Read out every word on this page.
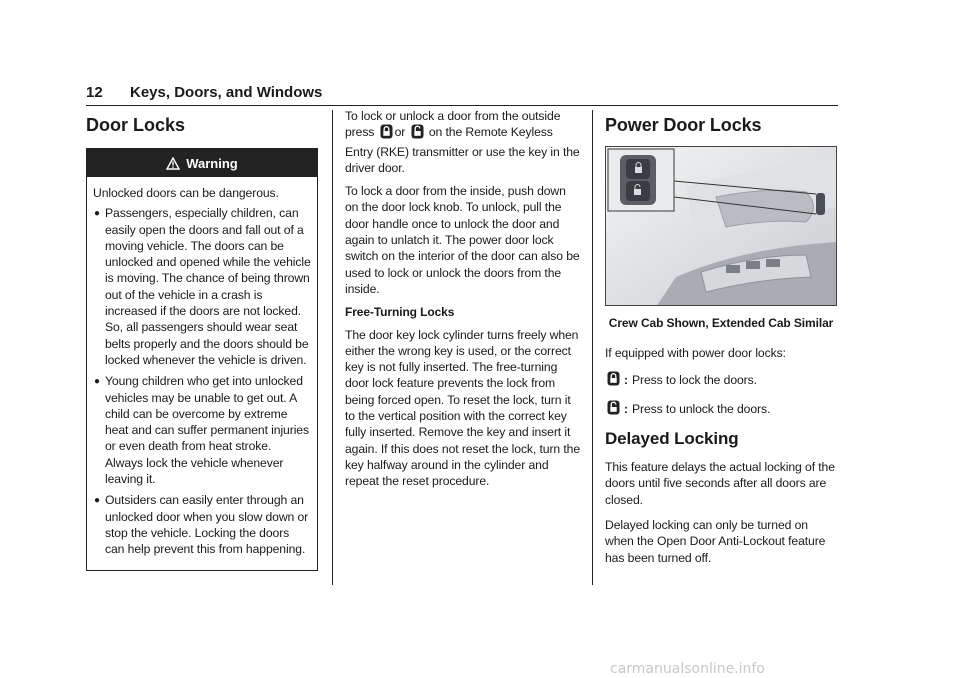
12 Keys, Doors, and Windows
Door Locks
Warning

Unlocked doors can be dangerous.

● Passengers, especially children, can easily open the doors and fall out of a moving vehicle. The doors can be unlocked and opened while the vehicle is moving. The chance of being thrown out of the vehicle in a crash is increased if the doors are not locked. So, all passengers should wear seat belts properly and the doors should be locked whenever the vehicle is driven.
● Young children who get into unlocked vehicles may be unable to get out. A child can be overcome by extreme heat and can suffer permanent injuries or even death from heat stroke. Always lock the vehicle whenever leaving it.
● Outsiders can easily enter through an unlocked door when you slow down or stop the vehicle. Locking the doors can help prevent this from happening.

To lock or unlock a door from the outside press or on the Remote Keyless Entry (RKE) transmitter or use the key in the driver door.

To lock a door from the inside, push down on the door lock knob. To unlock, pull the door handle once to unlock the door and again to unlatch it. The power door lock switch on the interior of the door can also be used to lock or unlock the doors from the inside.

Free-Turning Locks

The door key lock cylinder turns freely when either the wrong key is used, or the correct key is not fully inserted. The free-turning door lock feature prevents the lock from being forced open. To reset the lock, turn it to the vertical position with the correct key fully inserted. Remove the key and insert it again. If this does not reset the lock, turn the key halfway around in the cylinder and repeat the reset procedure.

Power Door Locks
Crew Cab Shown, Extended Cab Similar

If equipped with power door locks:

: Press to lock the doors.
: Press to unlock the doors.
Delayed Locking

This feature delays the actual locking of the doors until five seconds after all doors are closed.

Delayed locking can only be turned on when the Open Door Anti-Lockout feature has been turned off.

carmanualsonline.info
